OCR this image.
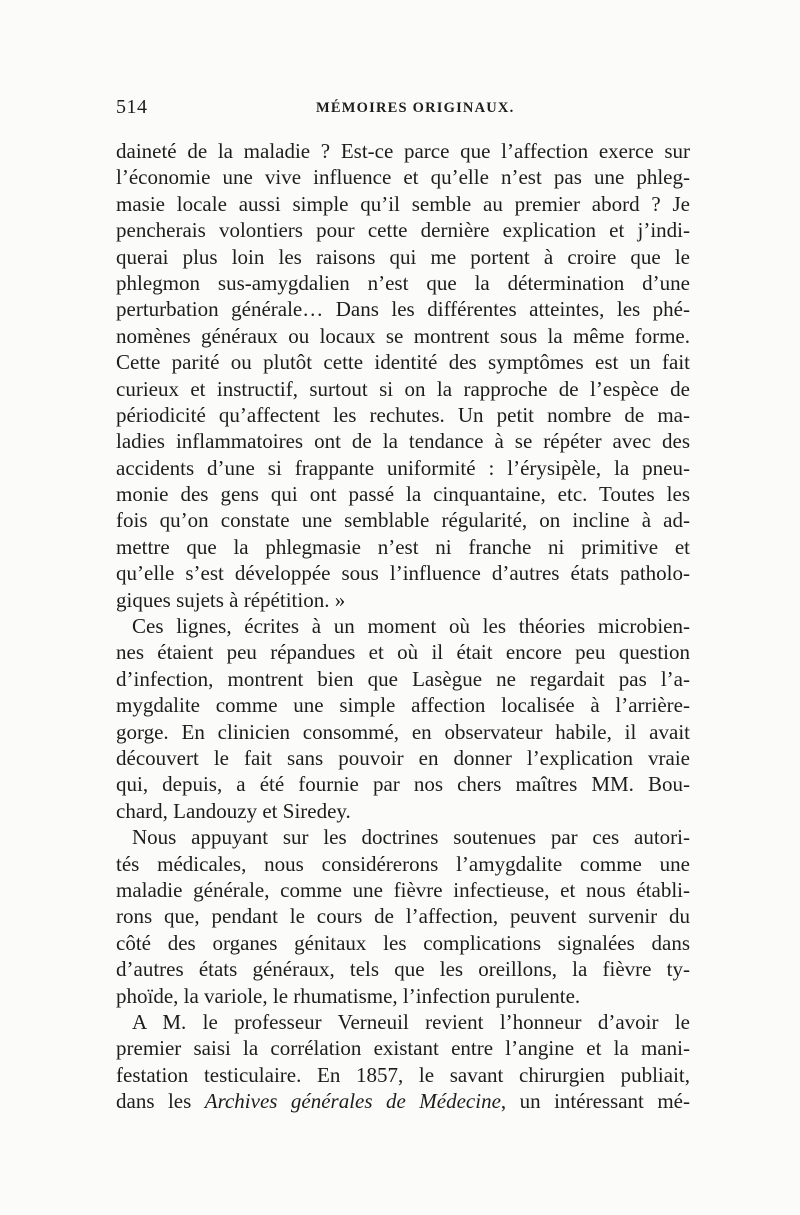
514	MÉMOIRES ORIGINAUX.
daineté de la maladie ? Est-ce parce que l’affection exerce sur
l’économie une vive influence et qu’elle n’est pas une phleg-
masie locale aussi simple qu’il semble au premier abord ? Je
pencherais volontiers pour cette dernière explication et j’indi-
querai plus loin les raisons qui me portent à croire que le
phlegmon sus-amygdalien n’est que la détermination d’une
perturbation générale… Dans les différentes atteintes, les phé-
nomènes généraux ou locaux se montrent sous la même forme.
Cette parité ou plutôt cette identité des symptômes est un fait
curieux et instructif, surtout si on la rapproche de l’espèce de
périodicité qu’affectent les rechutes. Un petit nombre de ma-
ladies inflammatoires ont de la tendance à se répéter avec des
accidents d’une si frappante uniformité : l’érysipèle, la pneu-
monie des gens qui ont passé la cinquantaine, etc. Toutes les
fois qu’on constate une semblable régularité, on incline à ad-
mettre que la phlegmasie n’est ni franche ni primitive et
qu’elle s’est développée sous l’influence d’autres états patholo-
giques sujets à répétition. »
Ces lignes, écrites à un moment où les théories microbien-
nes étaient peu répandues et où il était encore peu question
d’infection, montrent bien que Lasègue ne regardait pas l’a-
mygdalite comme une simple affection localisée à l’arrière-
gorge. En clinicien consommé, en observateur habile, il avait
découvert le fait sans pouvoir en donner l’explication vraie
qui, depuis, a été fournie par nos chers maîtres MM. Bou-
chard, Landouzy et Siredey.
Nous appuyant sur les doctrines soutenues par ces autori-
tés médicales, nous considérerons l’amygdalite comme une
maladie générale, comme une fièvre infectieuse, et nous établi-
rons que, pendant le cours de l’affection, peuvent survenir du
côté des organes génitaux les complications signalées dans
d’autres états généraux, tels que les oreillons, la fièvre ty-
phoïde, la variole, le rhumatisme, l’infection purulente.
A M. le professeur Verneuil revient l’honneur d’avoir le
premier saisi la corrélation existant entre l’angine et la mani-
festation testiculaire. En 1857, le savant chirurgien publiait,
dans les Archives générales de Médecine, un intéressant mé-
